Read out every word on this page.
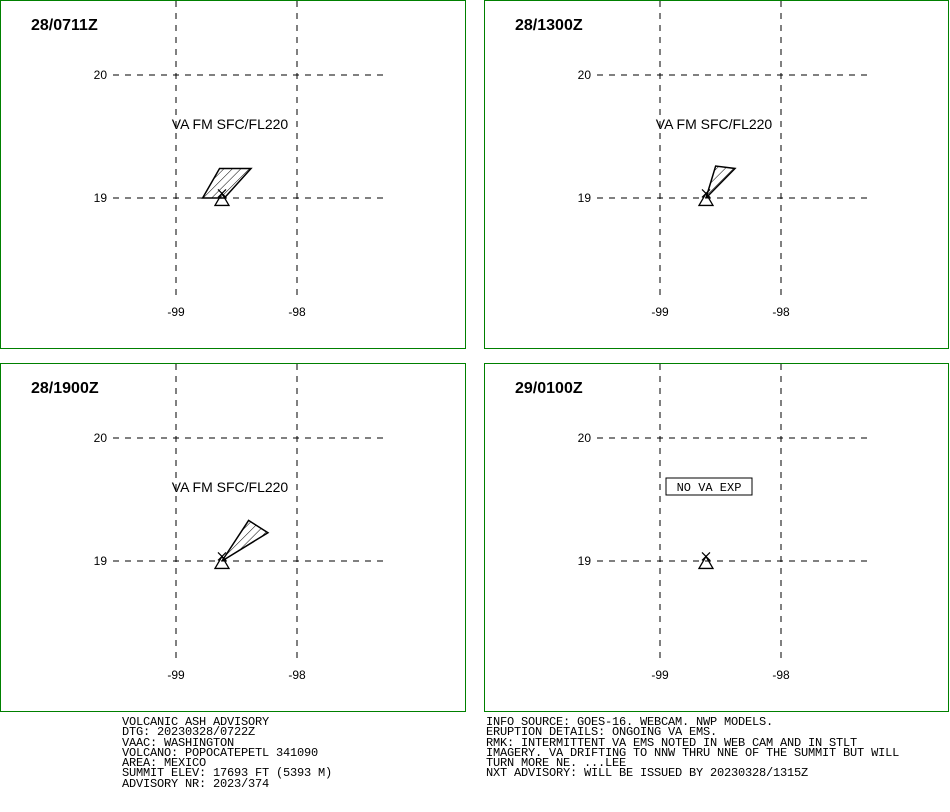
20
19
-99	-98
VA FM SFC/FL220
28/0711Z
20
19
-99	-98
VA FM SFC/FL220
28/1300Z
20
19
-99	-98
VA FM SFC/FL220
28/1900Z
20
19
-99	-98
NO VA EXP
29/0100Z
VOLCANIC ASH ADVISORY
DTG: 20230328/0722Z
VAAC: WASHINGTON
VOLCANO: POPOCATEPETL 341090
AREA: MEXICO
SUMMIT ELEV: 17693 FT (5393 M)
ADVISORY NR: 2023/374
INFO SOURCE: GOES-16. WEBCAM. NWP MODELS.
ERUPTION DETAILS: ONGOING VA EMS.
RMK: INTERMITTENT VA EMS NOTED IN WEB CAM AND IN STLT
IMAGERY. VA DRIFTING TO NNW THRU NNE OF THE SUMMIT BUT WILL
TURN MORE NE. ...LEE
NXT ADVISORY: WILL BE ISSUED BY 20230328/1315Z
